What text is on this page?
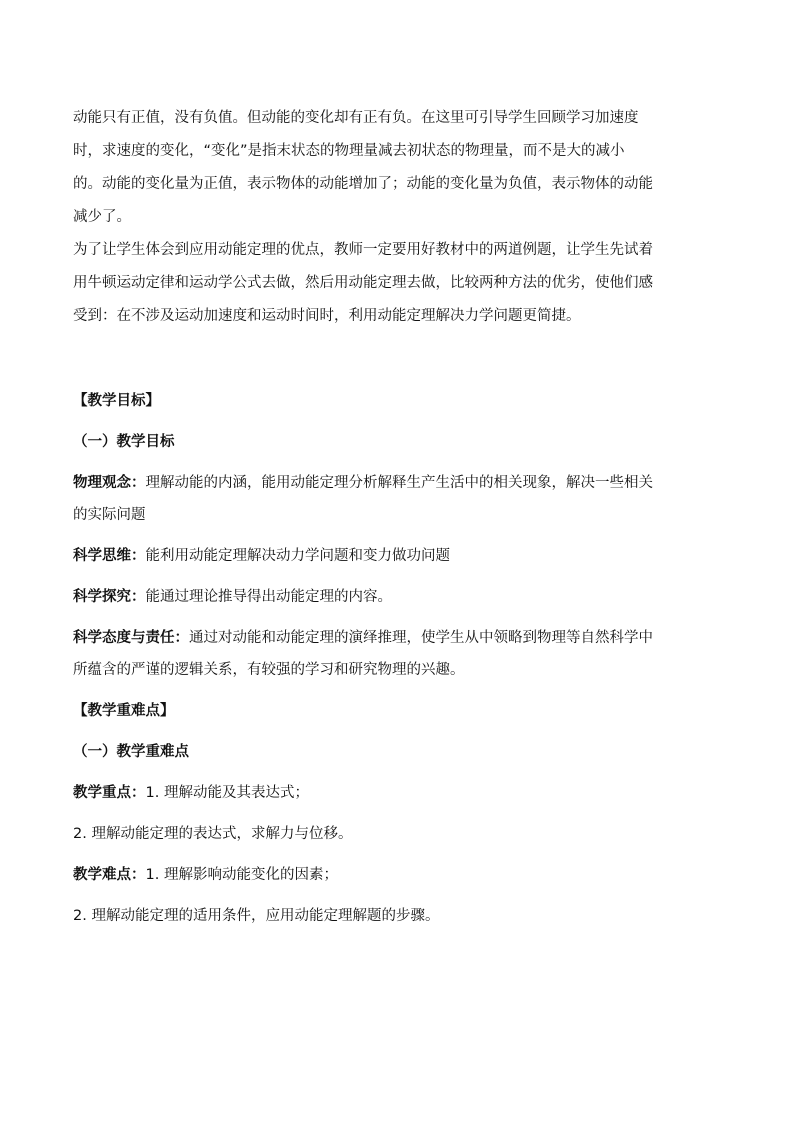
动能只有正值，没有负值。但动能的变化却有正有负。在这里可引导学生回顾学习加速度
时，求速度的变化，“变化”是指末状态的物理量减去初状态的物理量，而不是大的减小
的。动能的变化量为正值，表示物体的动能增加了；动能的变化量为负值，表示物体的动能
减少了。
为了让学生体会到应用动能定理的优点，教师一定要用好教材中的两道例题，让学生先试着
用牛顿运动定律和运动学公式去做，然后用动能定理去做，比较两种方法的优劣，使他们感
受到：在不涉及运动加速度和运动时间时，利用动能定理解决力学问题更简捷。
【教学目标】
（一）教学目标
物理观念：理解动能的内涵，能用动能定理分析解释生产生活中的相关现象，解决一些相关
的实际问题
科学思维：能利用动能定理解决动力学问题和变力做功问题
科学探究：能通过理论推导得出动能定理的内容。
科学态度与责任：通过对动能和动能定理的演绎推理，使学生从中领略到物理等自然科学中
所蕴含的严谨的逻辑关系，有较强的学习和研究物理的兴趣。
【教学重难点】
（一）教学重难点
教学重点：1. 理解动能及其表达式；
2. 理解动能定理的表达式，求解力与位移。
教学难点：1. 理解影响动能变化的因素；
2. 理解动能定理的适用条件，应用动能定理解题的步骤。
